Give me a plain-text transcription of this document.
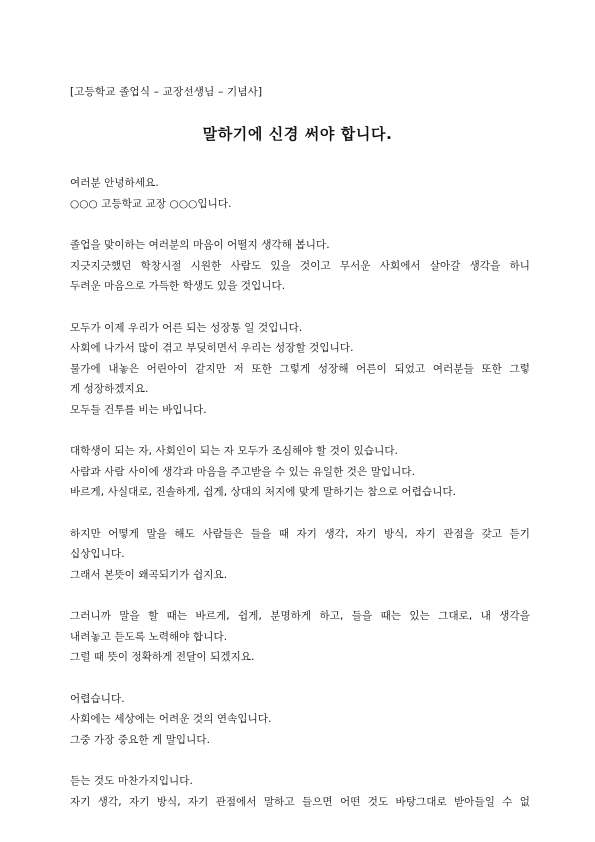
[고등학교 졸업식 – 교장선생님 – 기념사]
말하기에 신경 써야 합니다.
여러분 안녕하세요.
○○○ 고등학교 교장 ○○○입니다.
졸업을 맞이하는 여러분의 마음이 어떨지 생각해 봅니다.
지긋지긋했던 학창시절 시원한 사람도 있을 것이고 무서운 사회에서 살아갈 생각을 하니
두려운 마음으로 가득한 학생도 있을 것입니다.
모두가 이제 우리가 어른 되는 성장통 일 것입니다.
사회에 나가서 많이 겪고 부딪히면서 우리는 성장할 것입니다.
물가에 내놓은 어린아이 같지만 저 또한 그렇게 성장해 어른이 되었고 여러분들 또한 그렇
게 성장하겠지요.
모두들 건투를 비는 바입니다.
대학생이 되는 자, 사회인이 되는 자 모두가 조심해야 할 것이 있습니다.
사람과 사람 사이에 생각과 마음을 주고받을 수 있는 유일한 것은 말입니다.
바르게, 사실대로, 진솔하게, 쉽게, 상대의 처지에 맞게 말하기는 참으로 어렵습니다.
하지만 어떻게 말을 해도 사람들은 들을 때 자기 생각, 자기 방식, 자기 관점을 갖고 듣기
십상입니다.
그래서 본뜻이 왜곡되기가 쉽지요.
그러니까 말을 할 때는 바르게, 쉽게, 분명하게 하고, 들을 때는 있는 그대로, 내 생각을
내려놓고 듣도록 노력해야 합니다.
그럴 때 뜻이 정확하게 전달이 되겠지요.
어렵습니다.
사회에는 세상에는 어려운 것의 연속입니다.
그중 가장 중요한 게 말입니다.
듣는 것도 마찬가지입니다.
자기 생각, 자기 방식, 자기 관점에서 말하고 들으면 어떤 것도 바탕그대로 받아들일 수 없
